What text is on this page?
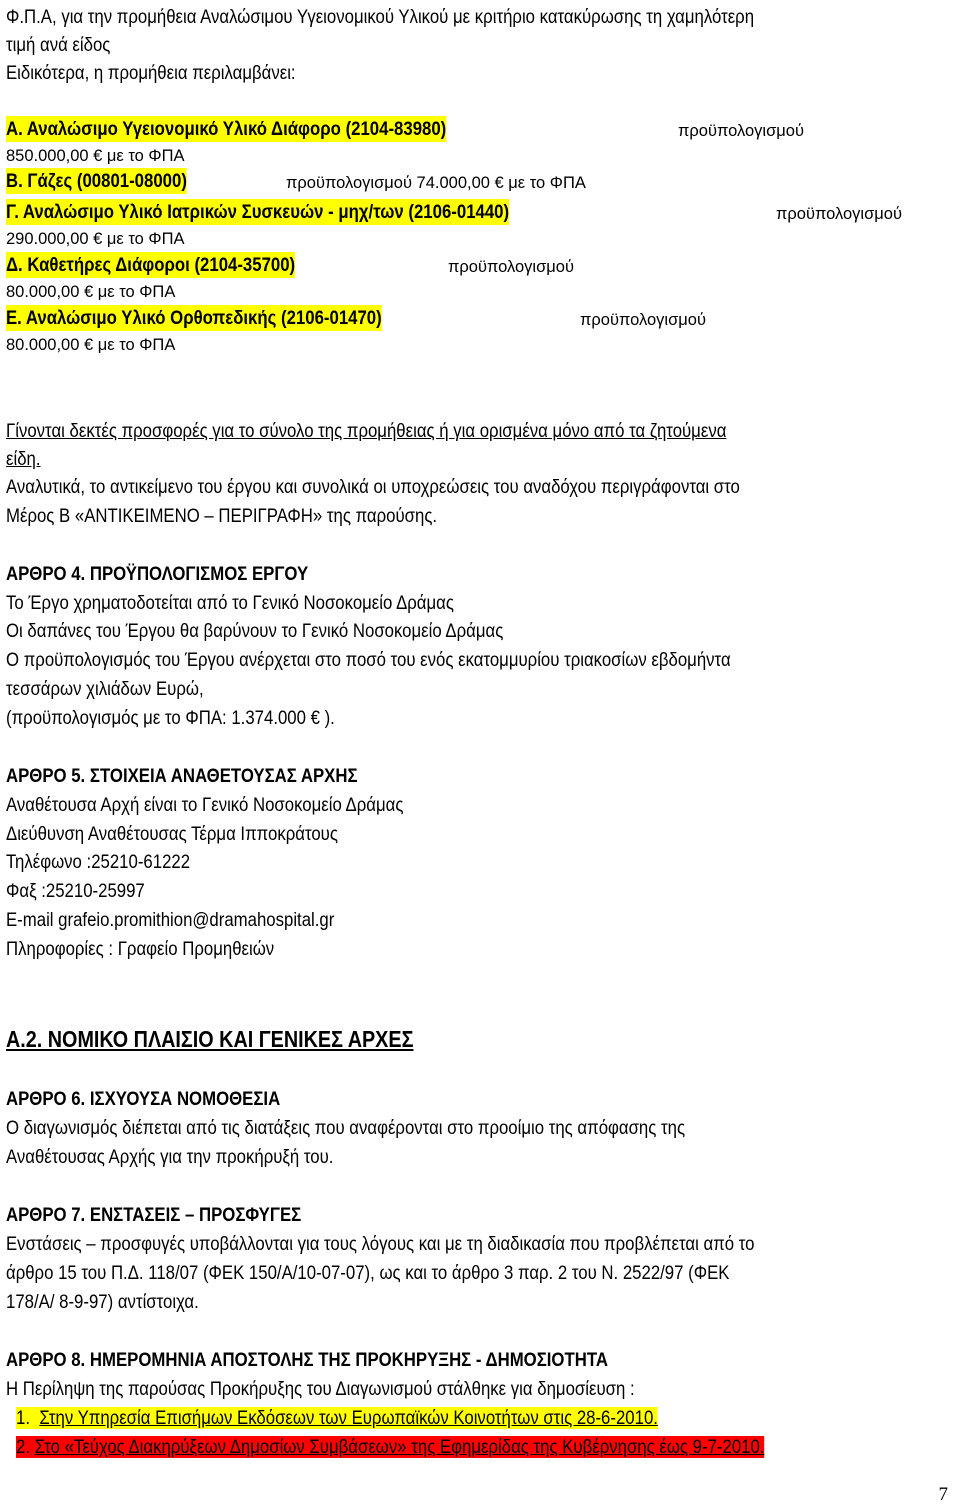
Φ.Π.Α, για την προμήθεια Αναλώσιμου Υγειονομικού Υλικού με κριτήριο κατακύρωσης τη χαμηλότερη
τιμή ανά είδος
Ειδικότερα, η προμήθεια περιλαμβάνει:
Α. Αναλώσιμο Υγειονομικό Υλικό Διάφορο (2104-83980)	προϋπολογισμού
850.000,00 € με το ΦΠΑ
Β. Γάζες (00801-08000)	προϋπολογισμού 74.000,00 € με το ΦΠΑ
Γ. Αναλώσιμο Υλικό Ιατρικών Συσκευών - μηχ/των (2106-01440)	προϋπολογισμού
290.000,00 € με το ΦΠΑ
Δ. Καθετήρες Διάφοροι (2104-35700)	προϋπολογισμού
80.000,00 € με το ΦΠΑ
Ε. Αναλώσιμο Υλικό Ορθοπεδικής (2106-01470)	προϋπολογισμού
80.000,00 € με το ΦΠΑ
Γίνονται δεκτές προσφορές για το σύνολο της προμήθειας ή για ορισμένα μόνο από τα ζητούμενα
είδη.
Αναλυτικά, το αντικείμενο του έργου και συνολικά οι υποχρεώσεις του αναδόχου περιγράφονται στο
Μέρος Β «ΑΝΤΙΚΕΙΜΕΝΟ – ΠΕΡΙΓΡΑΦΗ» της παρούσης.
ΑΡΘΡΟ 4. ΠΡΟΫΠΟΛΟΓΙΣΜΟΣ ΕΡΓΟΥ
Το Έργο χρηματοδοτείται από το Γενικό Νοσοκομείο Δράμας
Οι δαπάνες του Έργου θα βαρύνουν το Γενικό Νοσοκομείο Δράμας
Ο προϋπολογισμός του Έργου ανέρχεται στο ποσό του ενός εκατομμυρίου τριακοσίων εβδομήντα
τεσσάρων χιλιάδων Ευρώ,
(προϋπολογισμός με το ΦΠΑ: 1.374.000 € ).
ΑΡΘΡΟ 5. ΣΤΟΙΧΕΙΑ ΑΝΑΘΕΤΟΥΣΑΣ ΑΡΧΗΣ
Αναθέτουσα Αρχή είναι το Γενικό Νοσοκομείο Δράμας
Διεύθυνση Αναθέτουσας Τέρμα Ιπποκράτους
Τηλέφωνο :25210-61222
Φαξ :25210-25997
E-mail grafeio.promithion@dramahospital.gr
Πληροφορίες : Γραφείο Προμηθειών
Α.2. ΝΟΜΙΚΟ ΠΛΑΙΣΙΟ ΚΑΙ ΓΕΝΙΚΕΣ ΑΡΧΕΣ
ΑΡΘΡΟ 6. ΙΣΧΥΟΥΣΑ ΝΟΜΟΘΕΣΙΑ
Ο διαγωνισμός διέπεται από τις διατάξεις που αναφέρονται στο προοίμιο της απόφασης της
Αναθέτουσας Αρχής για την προκήρυξή του.
ΑΡΘΡΟ 7. ΕΝΣΤΑΣΕΙΣ – ΠΡΟΣΦΥΓΕΣ
Ενστάσεις – προσφυγές υποβάλλονται για τους λόγους και με τη διαδικασία που προβλέπεται από το
άρθρο 15 του Π.Δ. 118/07 (ΦΕΚ 150/Α/10-07-07), ως και το άρθρο 3 παρ. 2 του Ν. 2522/97 (ΦΕΚ
178/Α/ 8-9-97) αντίστοιχα.
ΑΡΘΡΟ 8. ΗΜΕΡΟΜΗΝΙΑ ΑΠΟΣΤΟΛΗΣ ΤΗΣ ΠΡΟΚΗΡΥΞΗΣ - ΔΗΜΟΣΙΟΤΗΤΑ
Η Περίληψη της παρούσας Προκήρυξης του Διαγωνισμού στάλθηκε για δημοσίευση :
1. Στην Υπηρεσία Επισήμων Εκδόσεων των Ευρωπαϊκών Κοινοτήτων στις 28-6-2010.
2. Στο «Τεύχος Διακηρύξεων Δημοσίων Συμβάσεων» της Εφημερίδας της Κυβέρνησης έως 9-7-2010.
7
